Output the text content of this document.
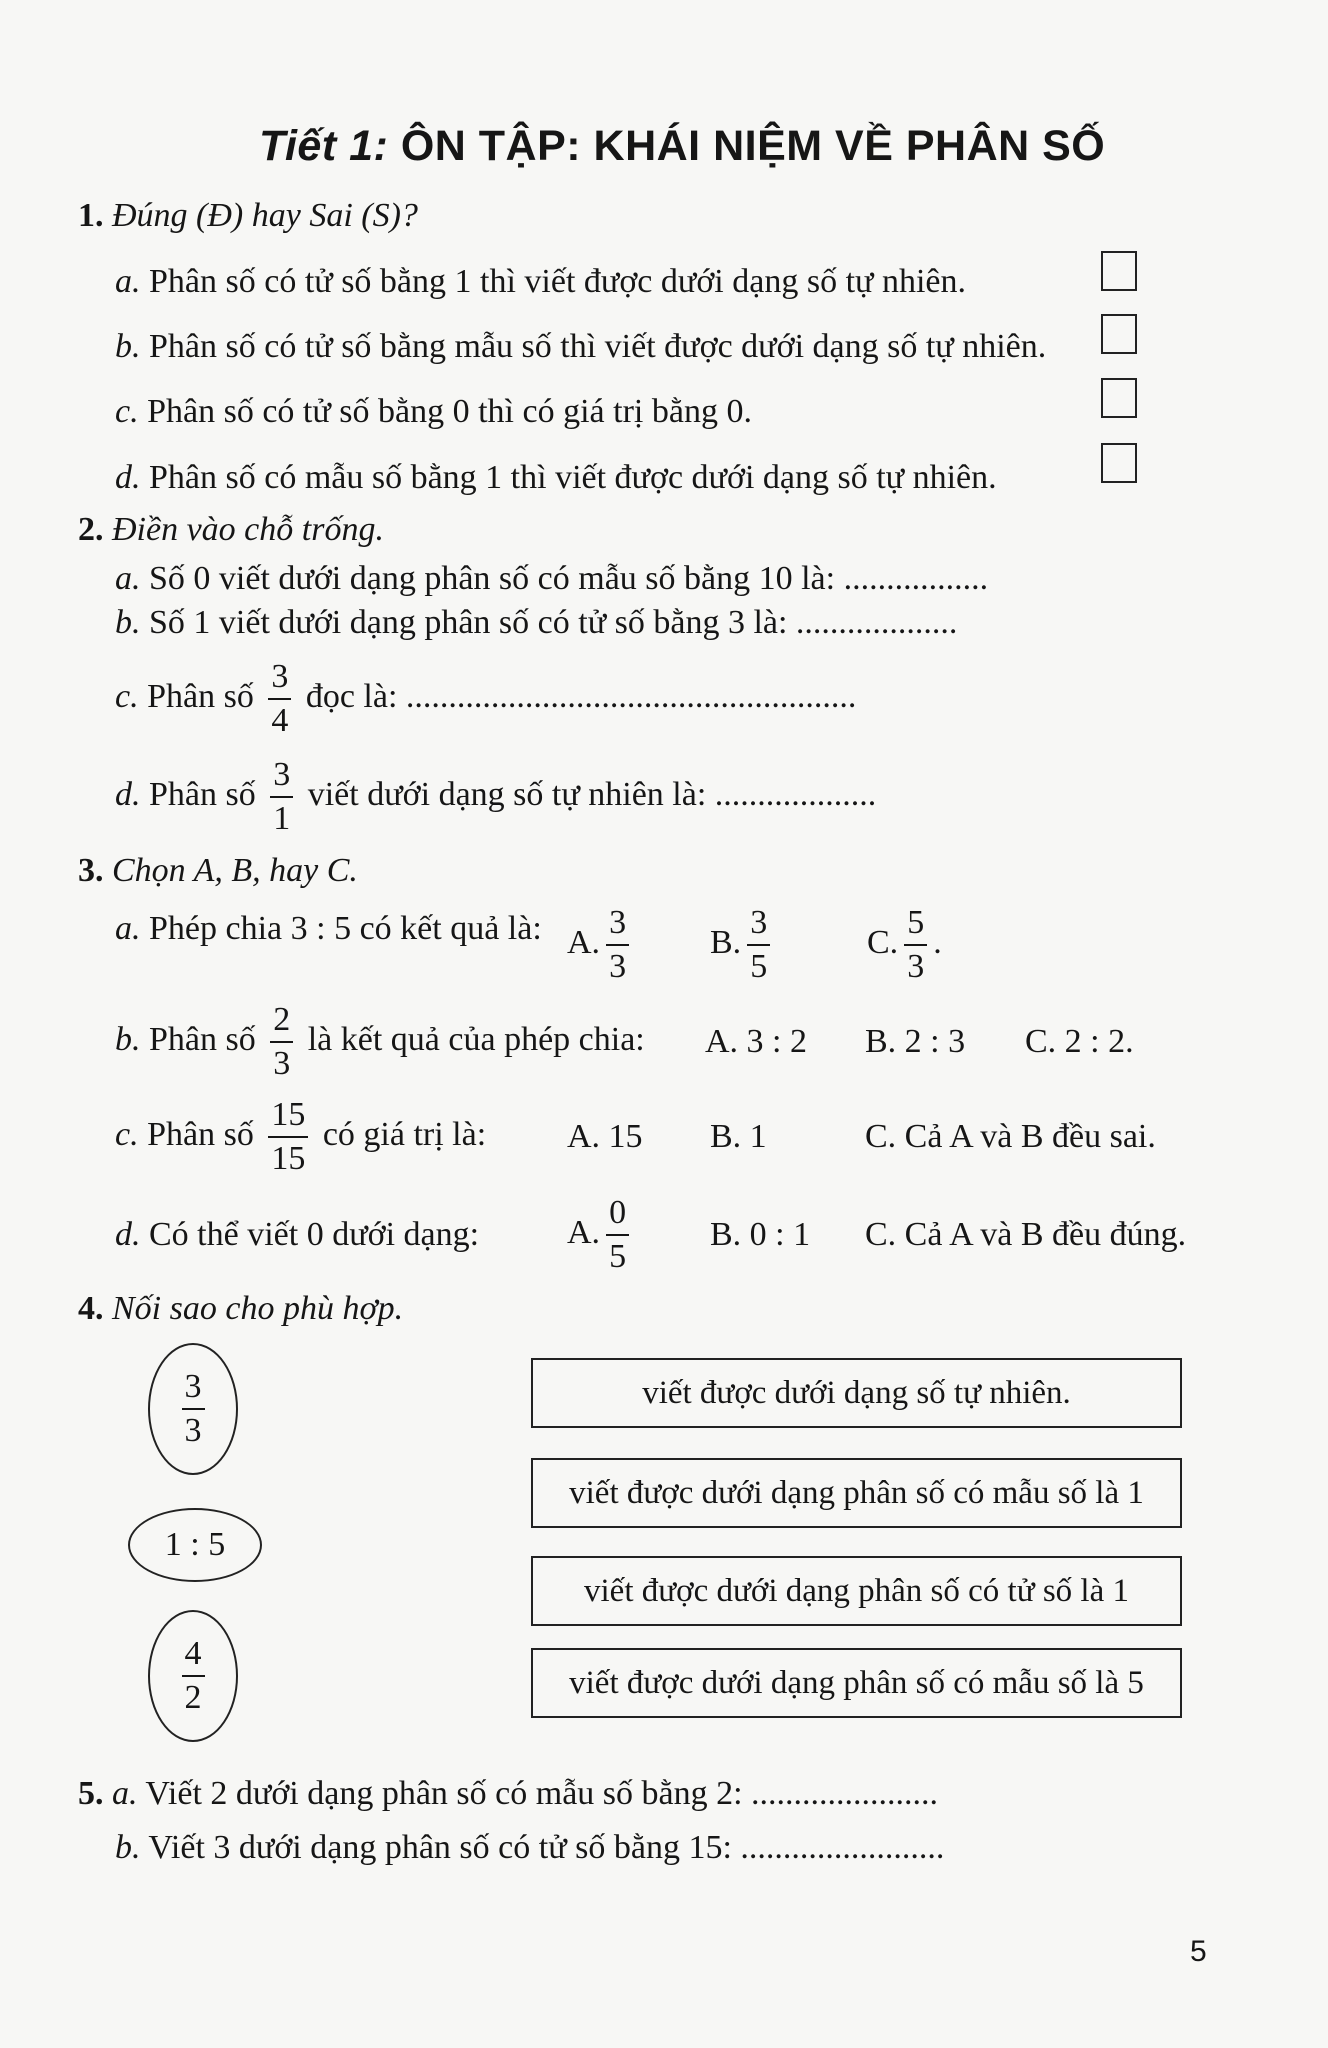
Tiết 1: ÔN TẬP: KHÁI NIỆM VỀ PHÂN SỐ
1. Đúng (Đ) hay Sai (S)?
a. Phân số có tử số bằng 1 thì viết được dưới dạng số tự nhiên.
b. Phân số có tử số bằng mẫu số thì viết được dưới dạng số tự nhiên.
c. Phân số có tử số bằng 0 thì có giá trị bằng 0.
d. Phân số có mẫu số bằng 1 thì viết được dưới dạng số tự nhiên.
2. Điền vào chỗ trống.
a. Số 0 viết dưới dạng phân số có mẫu số bằng 10 là: .................
b. Số 1 viết dưới dạng phân số có tử số bằng 3 là: ...................
c. Phân số $\frac{3}{4}$ đọc là: .....................................................
d. Phân số $\frac{3}{1}$ viết dưới dạng số tự nhiên là: ...................
3. Chọn A, B, hay C.
a. Phép chia 3 : 5 có kết quả là: A. $\frac{3}{3} B$. $\frac{3}{5}$	C. $\frac{5}{3}$ .
b. Phân số $\frac{2}{3}$ là kết quả của phép chia: A. 3 : 2 B. 2 : 3 C. 2 : 2.
c. Phân số $\frac{15}{15}$ có giá trị là: A. 15 B. 1	C. Cả A và B đều sai.
d. Có thể viết 0 dưới dạng:	A. $\frac{0}{5} B$. 0 : 1 C. Cả A và B đều đúng.
4. Nối sao cho phù hợp.
$\frac{3}{3}$
1 : 5
$\frac{4}{2}$
viết được dưới dạng số tự nhiên.
viết được dưới dạng phân số có mẫu số là 1
viết được dưới dạng phân số có tử số là 1
viết được dưới dạng phân số có mẫu số là 5
5. a. Viết 2 dưới dạng phân số có mẫu số bằng 2: ......................
b. Viết 3 dưới dạng phân số có tử số bằng 15: ........................
5
